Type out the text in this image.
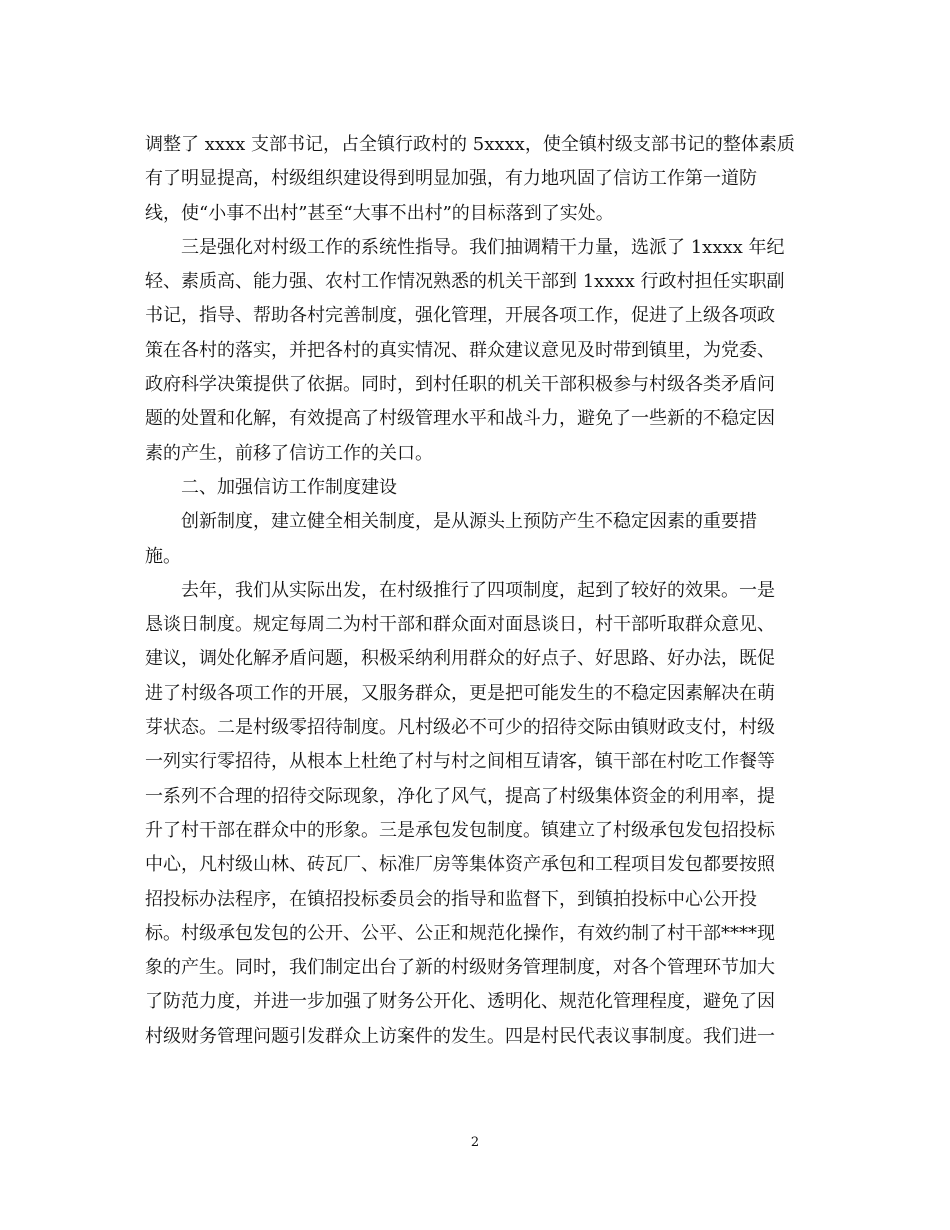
调整了 xxxx 支部书记，占全镇行政村的 5xxxx，使全镇村级支部书记的整体素质
有了明显提高，村级组织建设得到明显加强，有力地巩固了信访工作第一道防
线，使“小事不出村”甚至“大事不出村”的目标落到了实处。
三是强化对村级工作的系统性指导。我们抽调精干力量，选派了 1xxxx 年纪
轻、素质高、能力强、农村工作情况熟悉的机关干部到 1xxxx 行政村担任实职副
书记，指导、帮助各村完善制度，强化管理，开展各项工作，促进了上级各项政
策在各村的落实，并把各村的真实情况、群众建议意见及时带到镇里，为党委、
政府科学决策提供了依据。同时，到村任职的机关干部积极参与村级各类矛盾问
题的处置和化解，有效提高了村级管理水平和战斗力，避免了一些新的不稳定因
素的产生，前移了信访工作的关口。
二、加强信访工作制度建设
创新制度，建立健全相关制度，是从源头上预防产生不稳定因素的重要措
施。
去年，我们从实际出发，在村级推行了四项制度，起到了较好的效果。一是
恳谈日制度。规定每周二为村干部和群众面对面恳谈日，村干部听取群众意见、
建议，调处化解矛盾问题，积极采纳利用群众的好点子、好思路、好办法，既促
进了村级各项工作的开展，又服务群众，更是把可能发生的不稳定因素解决在萌
芽状态。二是村级零招待制度。凡村级必不可少的招待交际由镇财政支付，村级
一列实行零招待，从根本上杜绝了村与村之间相互请客，镇干部在村吃工作餐等
一系列不合理的招待交际现象，净化了风气，提高了村级集体资金的利用率，提
升了村干部在群众中的形象。三是承包发包制度。镇建立了村级承包发包招投标
中心，凡村级山林、砖瓦厂、标准厂房等集体资产承包和工程项目发包都要按照
招投标办法程序，在镇招投标委员会的指导和监督下，到镇拍投标中心公开投
标。村级承包发包的公开、公平、公正和规范化操作，有效约制了村干部****现
象的产生。同时，我们制定出台了新的村级财务管理制度，对各个管理环节加大
了防范力度，并进一步加强了财务公开化、透明化、规范化管理程度，避免了因
村级财务管理问题引发群众上访案件的发生。四是村民代表议事制度。我们进一
2
